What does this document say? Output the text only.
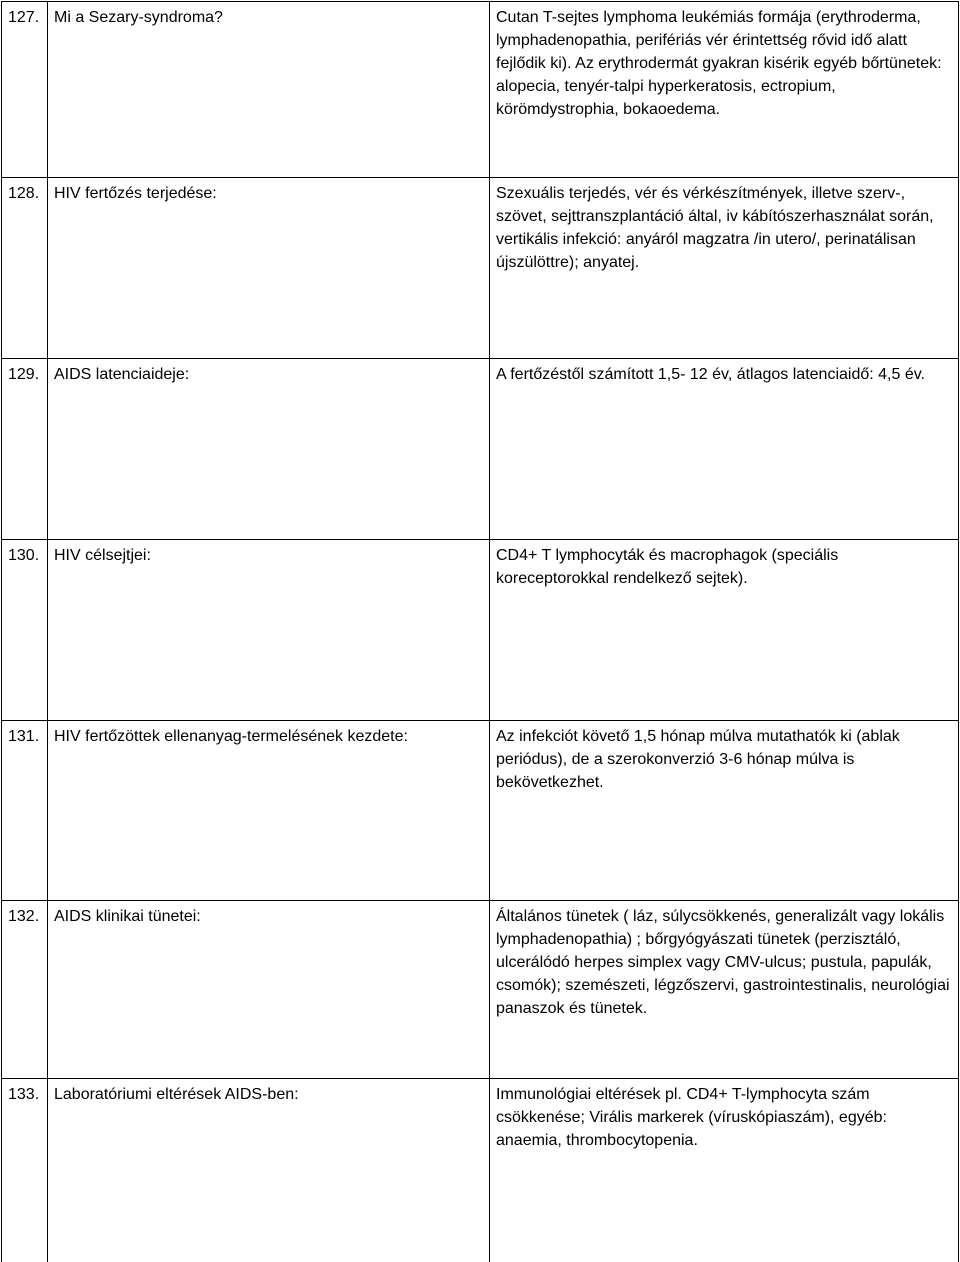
127.	Mi a Sezary-syndroma?	Cutan T-sejtes lymphoma leukémiás formája (erythroderma, lymphadenopathia, perifériás vér érintettség rővid idő alatt fejlődik ki). Az erythrodermát gyakran kisérik egyéb bőrtünetek: alopecia, tenyér-talpi hyperkeratosis, ectropium, körömdystrophia, bokaoedema.
128.	HIV fertőzés terjedése:	Szexuális terjedés, vér és vérkészítmények, illetve szerv-, szövet, sejttranszplantáció által, iv kábítószerhasználat során, vertikális infekció: anyáról magzatra /in utero/, perinatálisan újszülöttre); anyatej.
129.	AIDS latenciaideje:	A fertőzéstől számított 1,5- 12 év, átlagos latenciaidő: 4,5 év.
130.	HIV célsejtjei:	CD4+ T lymphocyták és macrophagok (speciális koreceptorokkal rendelkező sejtek).
131.	HIV fertőzöttek ellenanyag-termelésének kezdete:	Az infekciót követő 1,5 hónap múlva mutathatók ki (ablak periódus), de a szerokonverzió 3-6 hónap múlva is bekövetkezhet.
132.	AIDS klinikai tünetei:	Általános tünetek ( láz, súlycsökkenés, generalizált vagy lokális lymphadenopathia) ; bőrgyógyászati tünetek (perzisztáló, ulcerálódó herpes simplex vagy CMV-ulcus; pustula, papulák, csomók); szemészeti, légzőszervi, gastrointestinalis, neurológiai panaszok és tünetek.
133.	Laboratóriumi eltérések AIDS-ben:	Immunológiai eltérések pl. CD4+ T-lymphocyta szám csökkenése; Virális markerek (víruskópiaszám), egyéb: anaemia, thrombocytopenia.
